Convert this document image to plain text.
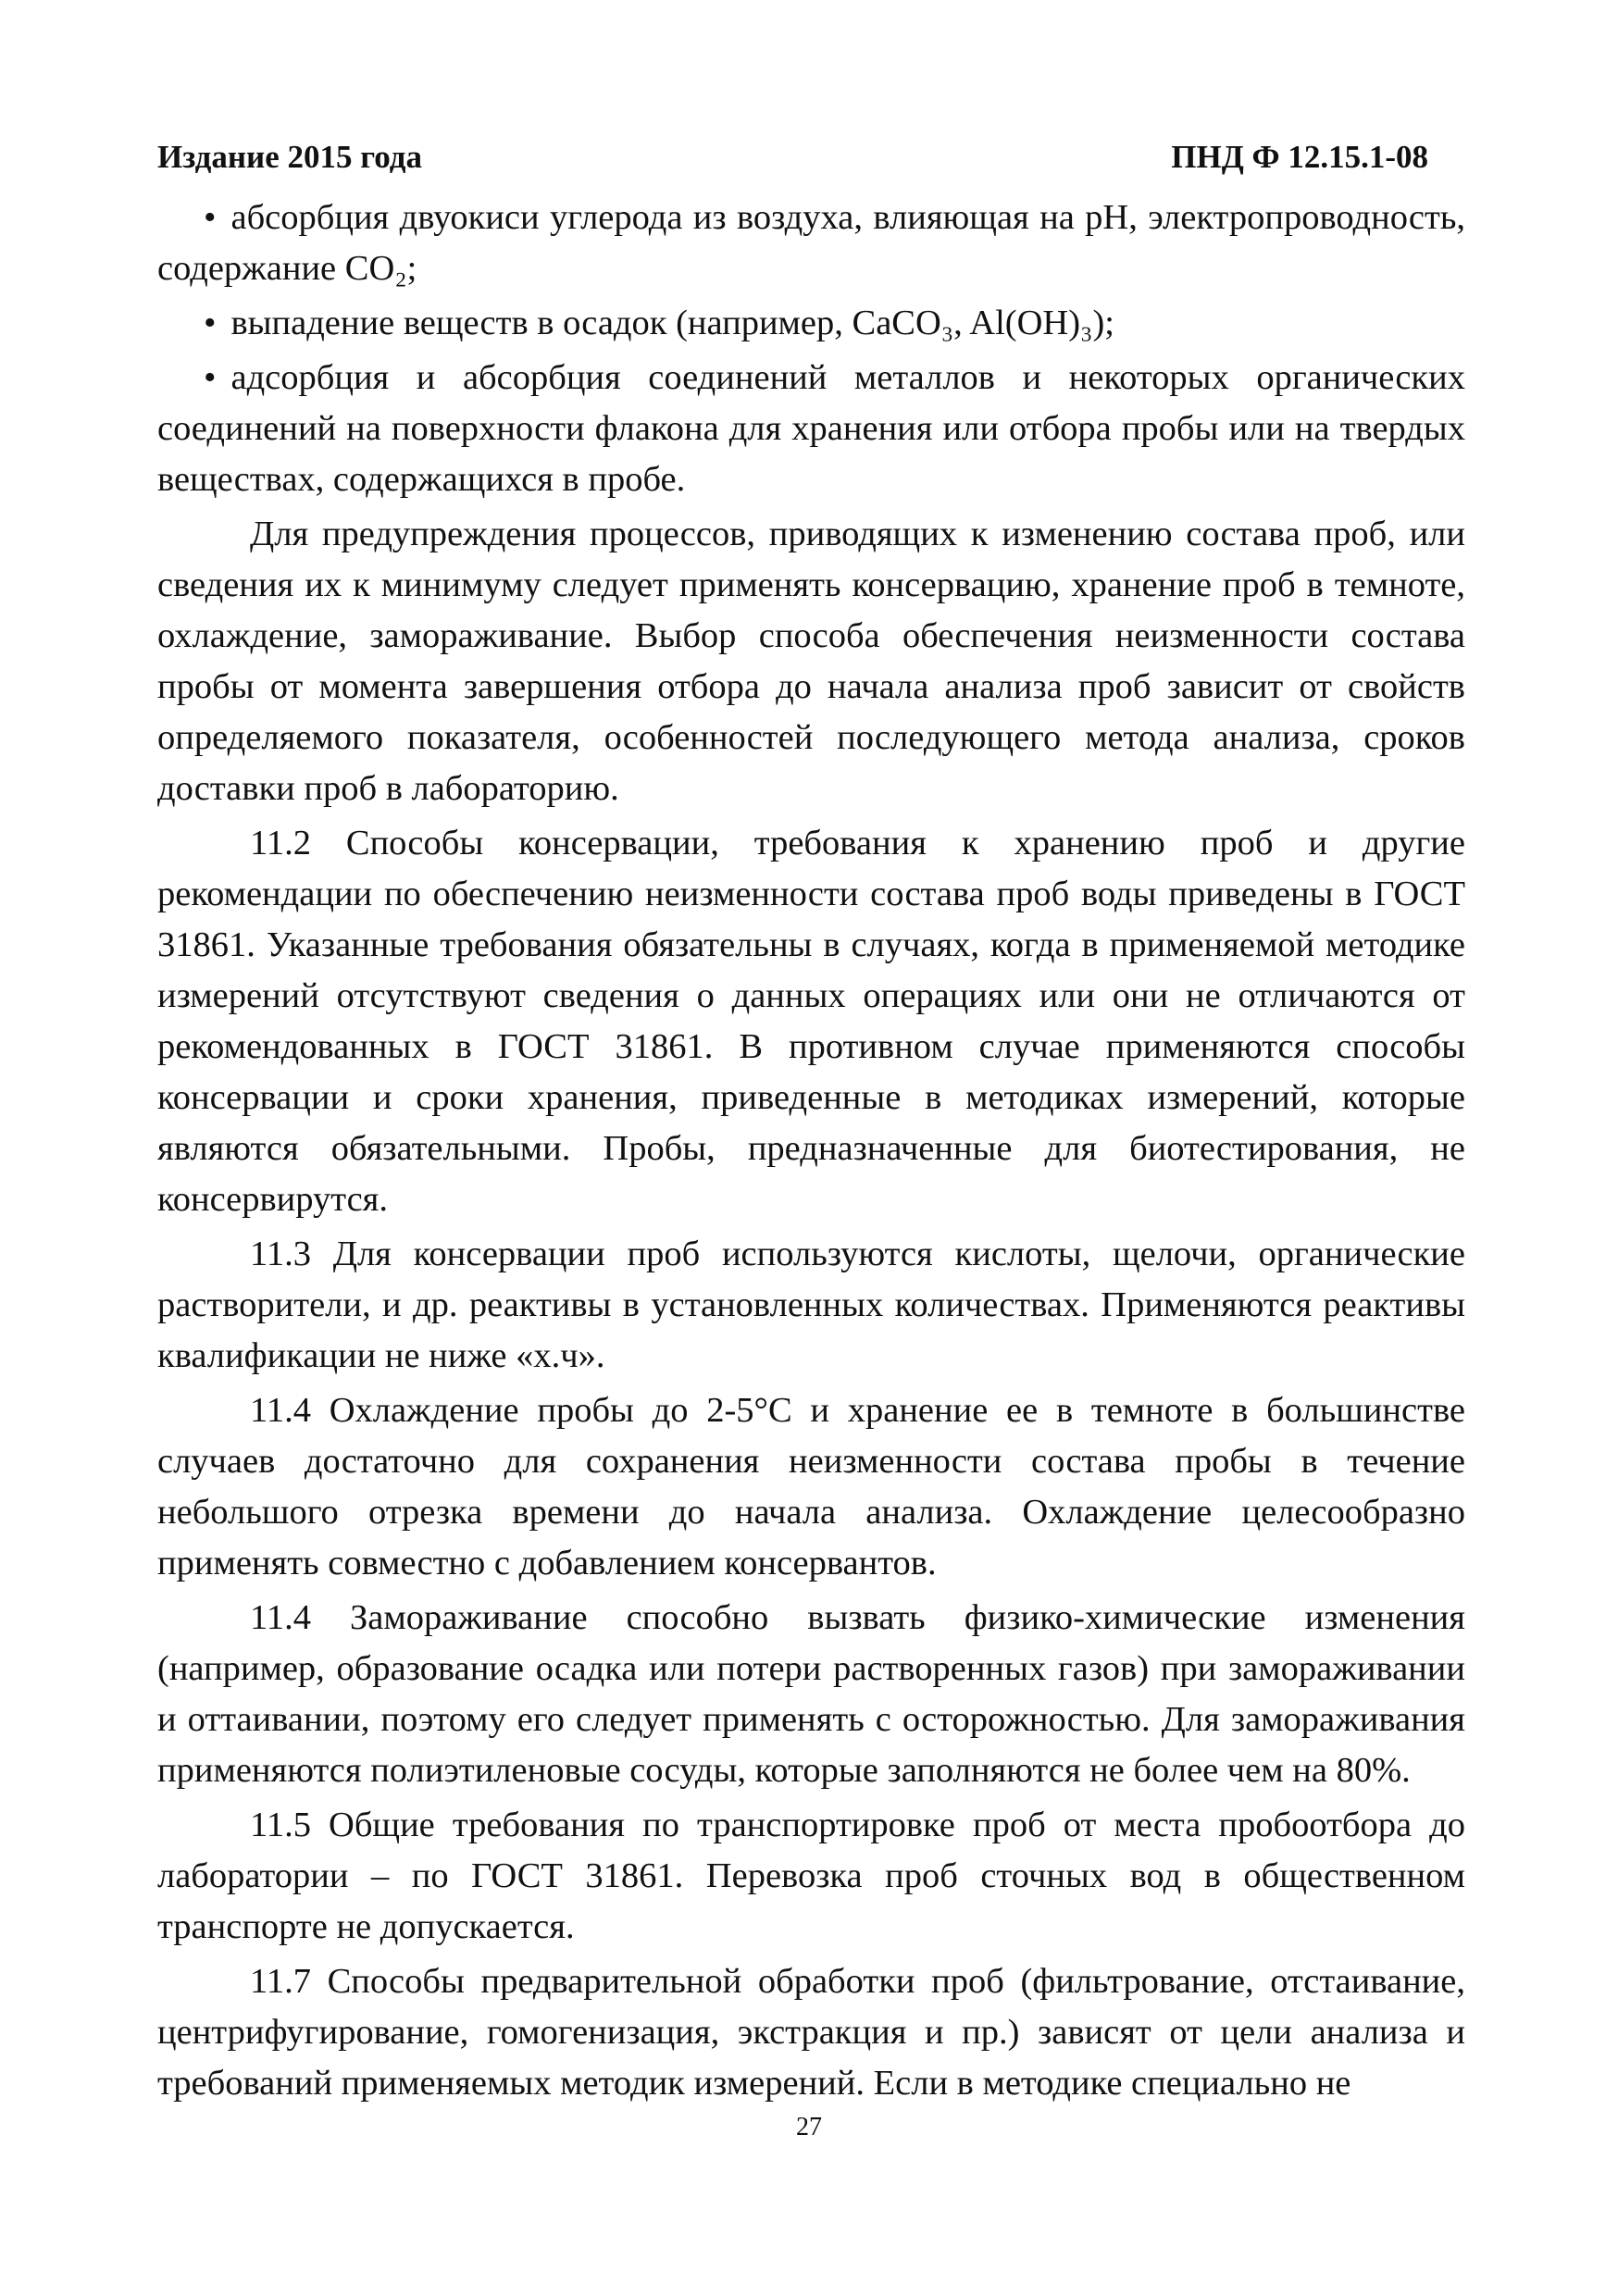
Издание 2015 года	ПНД Ф 12.15.1-08
• абсорбция двуокиси углерода из воздуха, влияющая на pH, электропроводность, содержание CO₂;
• выпадение веществ в осадок (например, CaCO₃, Al(OH)₃);
• адсорбция и абсорбция соединений металлов и некоторых органических соединений на поверхности флакона для хранения или отбора пробы или на твердых веществах, содержащихся в пробе.

Для предупреждения процессов, приводящих к изменению состава проб, или сведения их к минимуму следует применять консервацию, хранение проб в темноте, охлаждение, замораживание. Выбор способа обеспечения неизменности состава пробы от момента завершения отбора до начала анализа проб зависит от свойств определяемого показателя, особенностей последующего метода анализа, сроков доставки проб в лабораторию.

11.2 Способы консервации, требования к хранению проб и другие рекомендации по обеспечению неизменности состава проб воды приведены в ГОСТ 31861. Указанные требования обязательны в случаях, когда в применяемой методике измерений отсутствуют сведения о данных операциях или они не отличаются от рекомендованных в ГОСТ 31861. В противном случае применяются способы консервации и сроки хранения, приведенные в методиках измерений, которые являются обязательными. Пробы, предназначенные для биотестирования, не консервирутся.

11.3 Для консервации проб используются кислоты, щелочи, органические растворители, и др. реактивы в установленных количествах. Применяются реактивы квалификации не ниже «х.ч».

11.4 Охлаждение пробы до 2-5°С и хранение ее в темноте в большинстве случаев достаточно для сохранения неизменности состава пробы в течение небольшого отрезка времени до начала анализа. Охлаждение целесообразно применять совместно с добавлением консервантов.

11.4 Замораживание способно вызвать физико-химические изменения (например, образование осадка или потери растворенных газов) при замораживании и оттаивании, поэтому его следует применять с осторожностью. Для замораживания применяются полиэтиленовые сосуды, которые заполняются не более чем на 80%.

11.5 Общие требования по транспортировке проб от места пробоотбора до лаборатории – по ГОСТ 31861. Перевозка проб сточных вод в общественном транспорте не допускается.

11.7 Способы предварительной обработки проб (фильтрование, отстаивание, центрифугирование, гомогенизация, экстракция и пр.) зависят от цели анализа и требований применяемых методик измерений. Если в методике специально не

27
